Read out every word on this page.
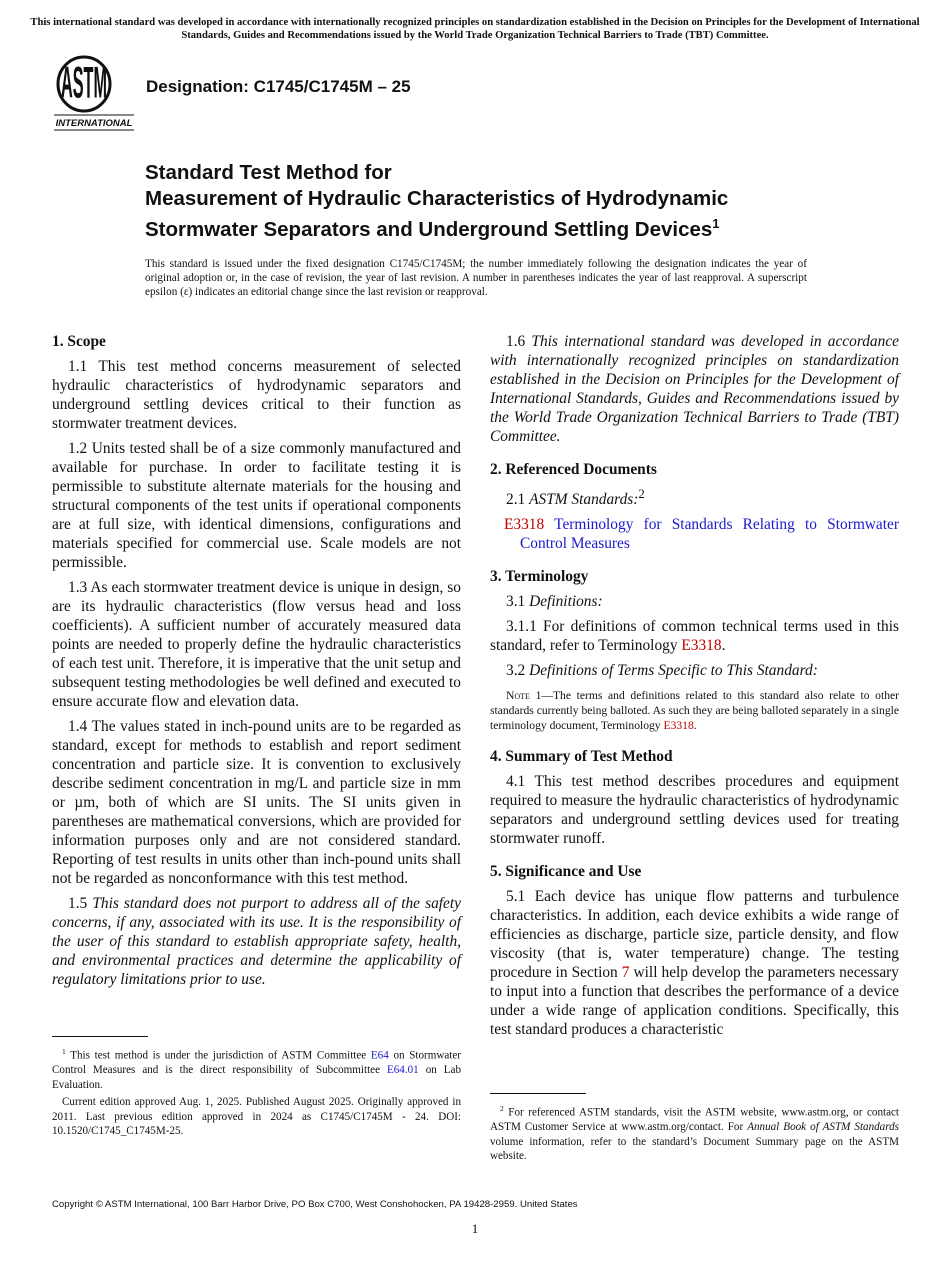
This international standard was developed in accordance with internationally recognized principles on standardization established in the Decision on Principles for the Development of International Standards, Guides and Recommendations issued by the World Trade Organization Technical Barriers to Trade (TBT) Committee.
ASTM
INTERNATIONAL
Designation: C1745/C1745M – 25
Standard Test Method for
Measurement of Hydraulic Characteristics of Hydrodynamic
Stormwater Separators and Underground Settling Devices$^1$
This standard is issued under the fixed designation C1745/C1745M; the number immediately following the designation indicates the year of original adoption or, in the case of revision, the year of last revision. A number in parentheses indicates the year of last reapproval. A superscript epsilon (ε) indicates an editorial change since the last revision or reapproval.
1. Scope

1.1 This test method concerns measurement of selected hydraulic characteristics of hydrodynamic separators and underground settling devices critical to their function as stormwater treatment devices.

1.2 Units tested shall be of a size commonly manufactured and available for purchase. In order to facilitate testing it is permissible to substitute alternate materials for the housing and structural components of the test units if operational components are at full size, with identical dimensions, configurations and materials specified for commercial use. Scale models are not permissible.

1.3 As each stormwater treatment device is unique in design, so are its hydraulic characteristics (flow versus head and loss coefficients). A sufficient number of accurately measured data points are needed to properly define the hydraulic characteristics of each test unit. Therefore, it is imperative that the unit setup and subsequent testing methodologies be well defined and executed to ensure accurate flow and elevation data.

1.4 The values stated in inch-pound units are to be regarded as standard, except for methods to establish and report sediment concentration and particle size. It is convention to exclusively describe sediment concentration in mg/L and particle size in mm or µm, both of which are SI units. The SI units given in parentheses are mathematical conversions, which are provided for information purposes only and are not considered standard. Reporting of test results in units other than inch-pound units shall not be regarded as nonconformance with this test method.

1.5 This standard does not purport to address all of the safety concerns, if any, associated with its use. It is the responsibility of the user of this standard to establish appropriate safety, health, and environmental practices and determine the applicability of regulatory limitations prior to use.

1.6 This international standard was developed in accordance with internationally recognized principles on standardization established in the Decision on Principles for the Development of International Standards, Guides and Recommendations issued by the World Trade Organization Technical Barriers to Trade (TBT) Committee.

2. Referenced Documents

2.1 ASTM Standards:$^2$

E3318 Terminology for Standards Relating to Stormwater Control Measures

3. Terminology

3.1 Definitions:

3.1.1 For definitions of common technical terms used in this standard, refer to Terminology E3318.

3.2 Definitions of Terms Specific to This Standard:

Note 1—The terms and definitions related to this standard also relate to other standards currently being balloted. As such they are being balloted separately in a single terminology document, Terminology E3318.

4. Summary of Test Method

4.1 This test method describes procedures and equipment required to measure the hydraulic characteristics of hydrodynamic separators and underground settling devices used for treating stormwater runoff.

5. Significance and Use

5.1 Each device has unique flow patterns and turbulence characteristics. In addition, each device exhibits a wide range of efficiencies as discharge, particle size, particle density, and flow viscosity (that is, water temperature) change. The testing procedure in Section 7 will help develop the parameters necessary to input into a function that describes the performance of a device under a wide range of application conditions. Specifically, this test standard produces a characteristic

$^1$ This test method is under the jurisdiction of ASTM Committee E64 on Stormwater Control Measures and is the direct responsibility of Subcommittee E64.01 on Lab Evaluation.

Current edition approved Aug. 1, 2025. Published August 2025. Originally approved in 2011. Last previous edition approved in 2024 as C1745/C1745M - 24. DOI: 10.1520/C1745_C1745M-25.

$^2$ For referenced ASTM standards, visit the ASTM website, www.astm.org, or contact ASTM Customer Service at www.astm.org/contact. For Annual Book of ASTM Standards volume information, refer to the standard’s Document Summary page on the ASTM website.

Copyright © ASTM International, 100 Barr Harbor Drive, PO Box C700, West Conshohocken, PA 19428-2959. United States
1
